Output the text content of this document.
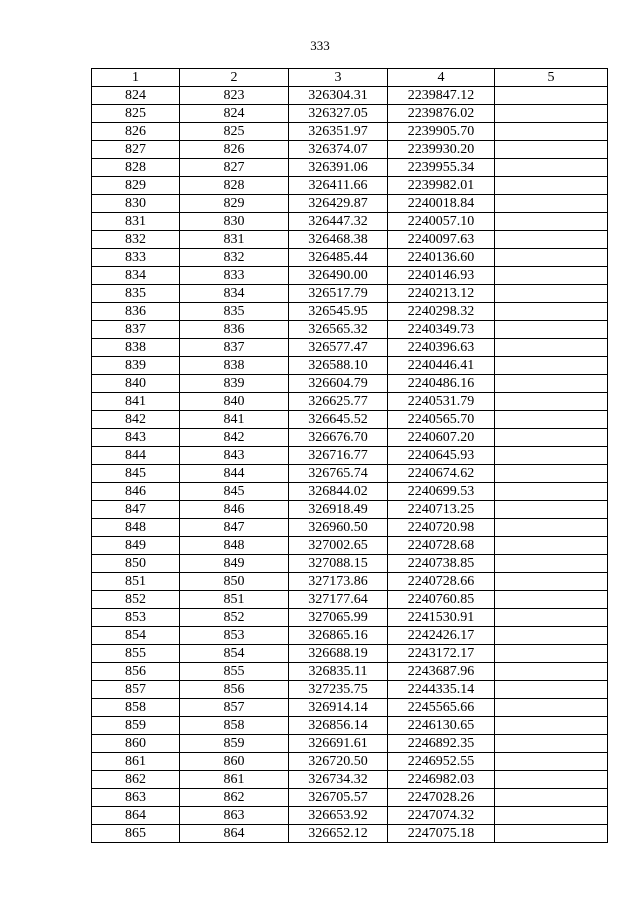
333
1	2	3	4	5
824	823	326304.31	2239847.12	
825	824	326327.05	2239876.02	
826	825	326351.97	2239905.70	
827	826	326374.07	2239930.20	
828	827	326391.06	2239955.34	
829	828	326411.66	2239982.01	
830	829	326429.87	2240018.84	
831	830	326447.32	2240057.10	
832	831	326468.38	2240097.63	
833	832	326485.44	2240136.60	
834	833	326490.00	2240146.93	
835	834	326517.79	2240213.12	
836	835	326545.95	2240298.32	
837	836	326565.32	2240349.73	
838	837	326577.47	2240396.63	
839	838	326588.10	2240446.41	
840	839	326604.79	2240486.16	
841	840	326625.77	2240531.79	
842	841	326645.52	2240565.70	
843	842	326676.70	2240607.20	
844	843	326716.77	2240645.93	
845	844	326765.74	2240674.62	
846	845	326844.02	2240699.53	
847	846	326918.49	2240713.25	
848	847	326960.50	2240720.98	
849	848	327002.65	2240728.68	
850	849	327088.15	2240738.85	
851	850	327173.86	2240728.66	
852	851	327177.64	2240760.85	
853	852	327065.99	2241530.91	
854	853	326865.16	2242426.17	
855	854	326688.19	2243172.17	
856	855	326835.11	2243687.96	
857	856	327235.75	2244335.14	
858	857	326914.14	2245565.66	
859	858	326856.14	2246130.65	
860	859	326691.61	2246892.35	
861	860	326720.50	2246952.55	
862	861	326734.32	2246982.03	
863	862	326705.57	2247028.26	
864	863	326653.92	2247074.32	
865	864	326652.12	2247075.18	
